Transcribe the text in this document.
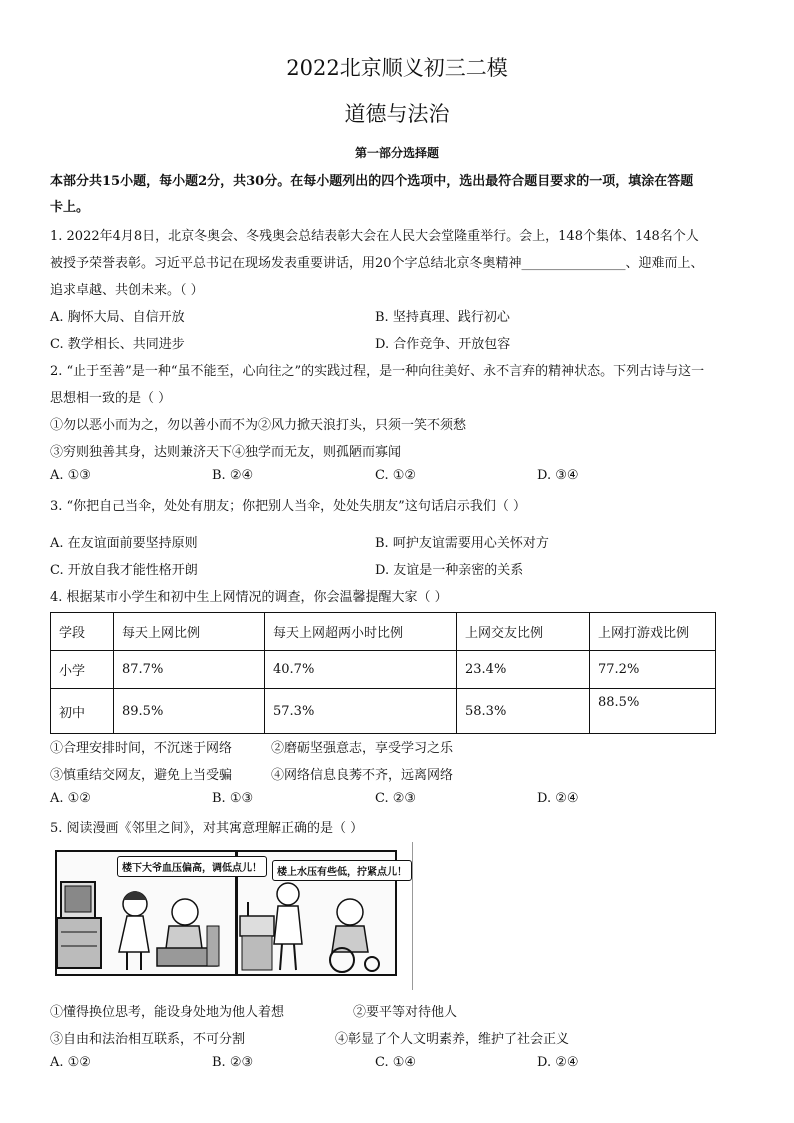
2022北京顺义初三二模
道德与法治
第一部分选择题
本部分共15小题，每小题2分，共30分。在每小题列出的四个选项中，选出最符合题目要求的一项，填涂在答题
卡上。
1. 2022年4月8日，北京冬奥会、冬残奥会总结表彰大会在人民大会堂隆重举行。会上，148个集体、148名个人
被授予荣誉表彰。习近平总书记在现场发表重要讲话，用20个字总结北京冬奥精神________________、迎难而上、
追求卓越、共创未来。（ ）
A. 胸怀大局、自信开放	B. 坚持真理、践行初心
C. 教学相长、共同进步	D. 合作竞争、开放包容
2. “止于至善”是一种“虽不能至，心向往之”的实践过程，是一种向往美好、永不言弃的精神状态。下列古诗与这一
思想相一致的是（ ）
①勿以恶小而为之，勿以善小而不为②风力掀天浪打头，只须一笑不须愁
③穷则独善其身，达则兼济天下④独学而无友，则孤陋而寡闻
A. ①③	B. ②④	C. ①②	D. ③④
3. “你把自己当伞，处处有朋友；你把别人当伞，处处失朋友”这句话启示我们（ ）
A. 在友谊面前要坚持原则	B. 呵护友谊需要用心关怀对方
C. 开放自我才能性格开朗	D. 友谊是一种亲密的关系
4. 根据某市小学生和初中生上网情况的调查，你会温馨提醒大家（ ）
学段	每天上网比例	每天上网超两小时比例	上网交友比例	上网打游戏比例
小学	87.7%	40.7%	23.4%	77.2%
初中	89.5%	57.3%	58.3%	88.5%
①合理安排时间，不沉迷于网络	②磨砺坚强意志，享受学习之乐
③慎重结交网友，避免上当受骗	④网络信息良莠不齐，远离网络
A. ①②	B. ①③	C. ②③	D. ②④
5. 阅读漫画《邻里之间》，对其寓意理解正确的是（ ）
楼下大爷血压偏高，调低点儿！	楼上水压有些低，拧紧点儿！
①懂得换位思考，能设身处地为他人着想	②要平等对待他人
③自由和法治相互联系，不可分割	④彰显了个人文明素养，维护了社会正义
A. ①②	B. ②③	C. ①④	D. ②④
